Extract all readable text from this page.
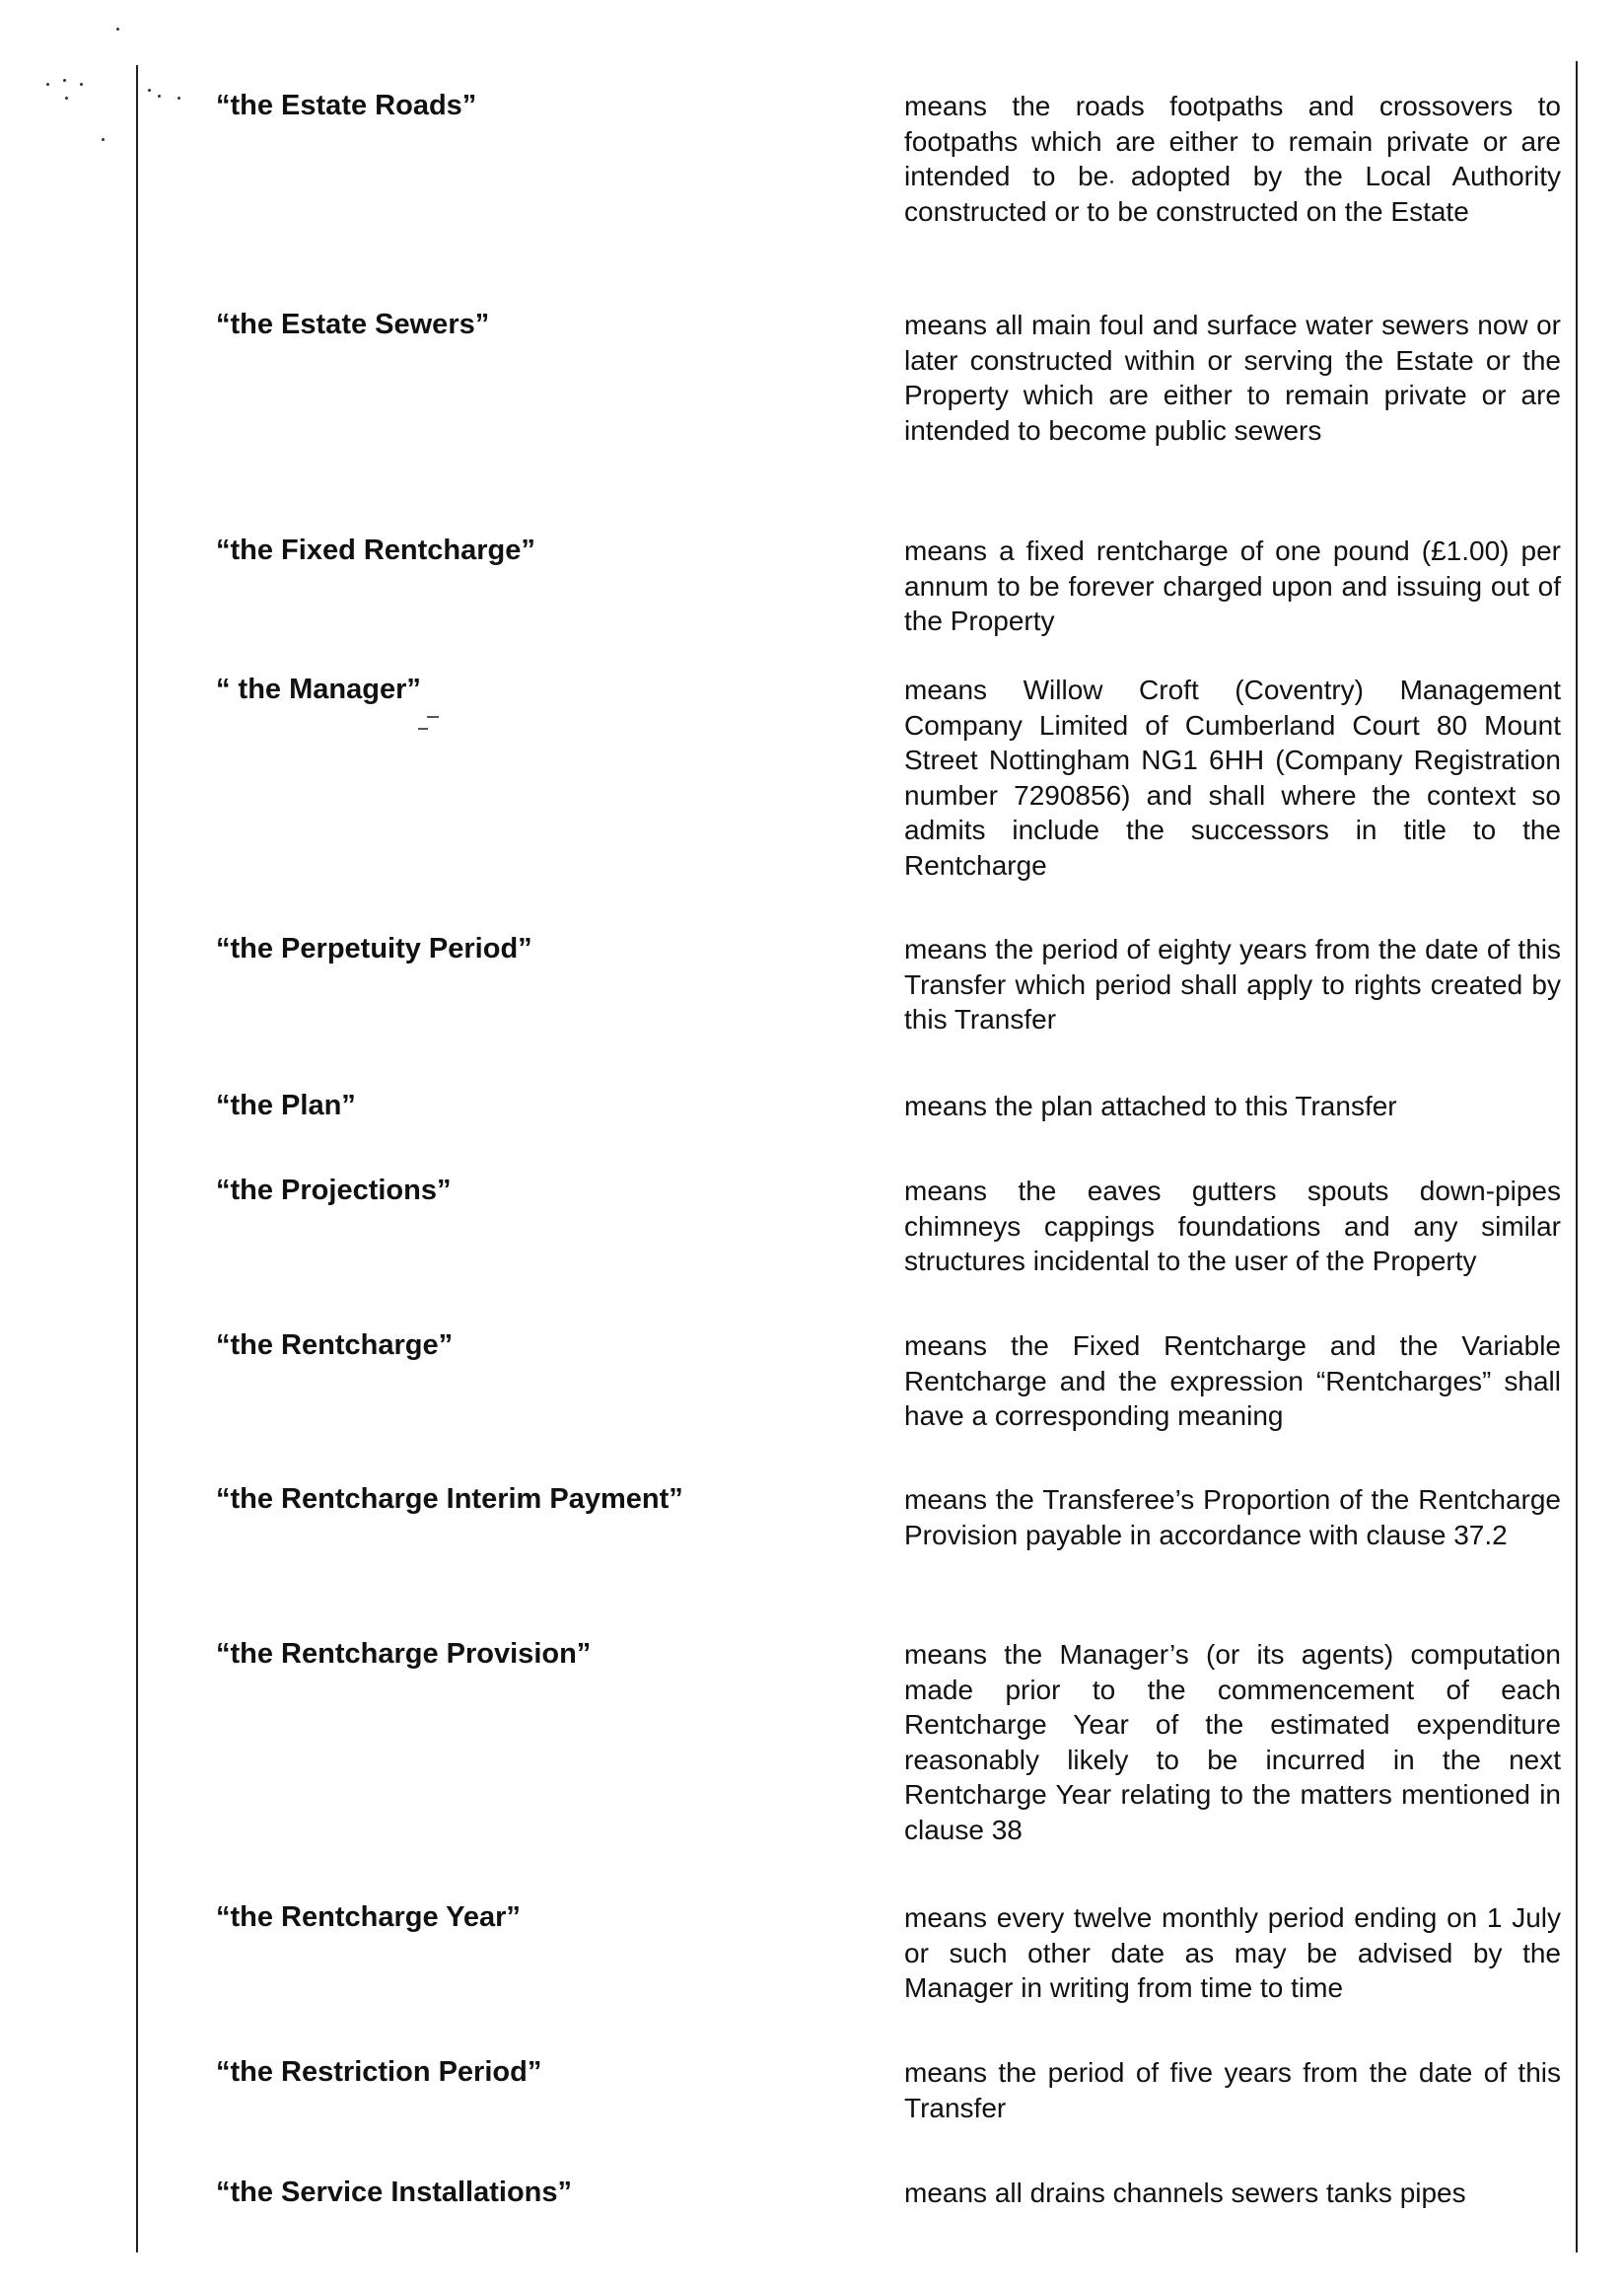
“the Estate Roads”	means the roads footpaths and crossovers to footpaths which are either to remain private or are intended to be adopted by the Local Authority constructed or to be constructed on the Estate
“the Estate Sewers”	means all main foul and surface water sewers now or later constructed within or serving the Estate or the Property which are either to remain private or are intended to become public sewers
“the Fixed Rentcharge”	means a fixed rentcharge of one pound (£1.00) per annum to be forever charged upon and issuing out of the Property
“ the Manager”	means Willow Croft (Coventry) Management Company Limited of Cumberland Court 80 Mount Street Nottingham NG1 6HH (Company Registration number 7290856) and shall where the context so admits include the successors in title to the Rentcharge
“the Perpetuity Period”	means the period of eighty years from the date of this Transfer which period shall apply to rights created by this Transfer
“the Plan”	means the plan attached to this Transfer
“the Projections”	means the eaves gutters spouts down-pipes chimneys cappings foundations and any similar structures incidental to the user of the Property
“the Rentcharge”	means the Fixed Rentcharge and the Variable Rentcharge and the expression “Rentcharges” shall have a corresponding meaning
“the Rentcharge Interim Payment”	means the Transferee’s Proportion of the Rentcharge Provision payable in accordance with clause 37.2
“the Rentcharge Provision”	means the Manager’s (or its agents) computation made prior to the commencement of each Rentcharge Year of the estimated expenditure reasonably likely to be incurred in the next Rentcharge Year relating to the matters mentioned in clause 38
“the Rentcharge Year”	means every twelve monthly period ending on 1 July or such other date as may be advised by the Manager in writing from time to time
“the Restriction Period”	means the period of five years from the date of this Transfer
“the Service Installations”	means all drains channels sewers tanks pipes
